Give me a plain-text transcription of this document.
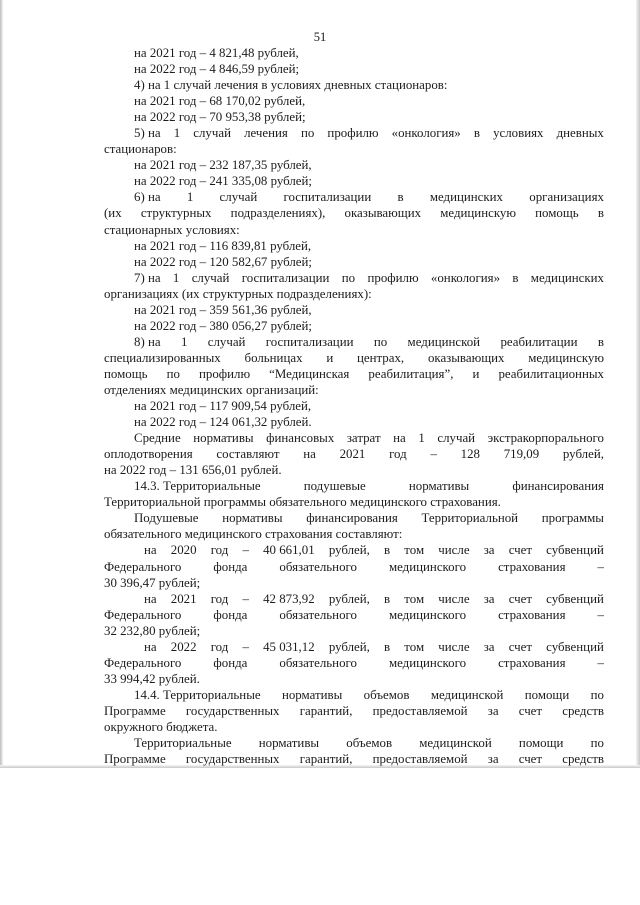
51
на 2021 год – 4 821,48 рублей,
на 2022 год – 4 846,59 рублей;
4) на 1 случай лечения в условиях дневных стационаров:
на 2021 год – 68 170,02 рублей,
на 2022 год – 70 953,38 рублей;
5) на 1 случай лечения по профилю «онкология» в условиях дневных
стационаров:
на 2021 год – 232 187,35 рублей,
на 2022 год – 241 335,08 рублей;
6) на 1 случай госпитализации в медицинских организациях
(их структурных подразделениях), оказывающих медицинскую помощь в
стационарных условиях:
на 2021 год – 116 839,81 рублей,
на 2022 год – 120 582,67 рублей;
7) на 1 случай госпитализации по профилю «онкология» в медицинских
организациях (их структурных подразделениях):
на 2021 год – 359 561,36 рублей,
на 2022 год – 380 056,27 рублей;
8) на 1 случай госпитализации по медицинской реабилитации в
специализированных больницах и центрах, оказывающих медицинскую
помощь по профилю “Медицинская реабилитация”, и реабилитационных
отделениях медицинских организаций:
на 2021 год – 117 909,54 рублей,
на 2022 год – 124 061,32 рублей.
Средние нормативы финансовых затрат на 1 случай экстракорпорального
оплодотворения составляют на 2021 год – 128 719,09 рублей,
на 2022 год – 131 656,01 рублей.
14.3. Территориальные	подушевые	нормативы	финансирования
Территориальной программы обязательного медицинского страхования.
Подушевые нормативы финансирования Территориальной программы
обязательного медицинского страхования составляют:
на 2020 год – 40 661,01 рублей, в том числе за счет субвенций
Федерального фонда обязательного медицинского страхования –
30 396,47 рублей;
на 2021 год – 42 873,92 рублей, в том числе за счет субвенций
Федерального фонда обязательного медицинского страхования –
32 232,80 рублей;
на 2022 год – 45 031,12 рублей, в том числе за счет субвенций
Федерального фонда обязательного медицинского страхования –
33 994,42 рублей.
14.4. Территориальные нормативы объемов медицинской помощи по
Программе государственных гарантий, предоставляемой за счет средств
окружного бюджета.
Территориальные нормативы объемов медицинской помощи по
Программе государственных гарантий, предоставляемой за счет средств
